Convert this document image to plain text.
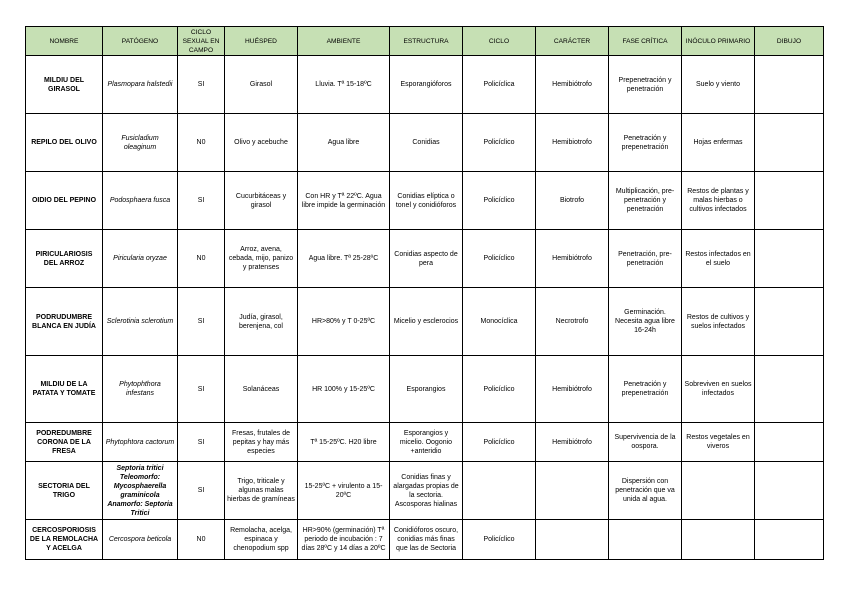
NOMBRE	PATÓGENO	CICLO SEXUAL EN CAMPO	HUÉSPED	AMBIENTE	ESTRUCTURA	CICLO	CARÁCTER	FASE CRÍTICA	INÓCULO PRIMARIO	DIBUJO
MILDIU DEL GIRASOL	Plasmopara halstedii	SI	Girasol	Lluvia. Tª 15-18ºC	Esporangióforos	Policíclica	Hemibiótrofo	Prepenetración y penetración	Suelo y viento	
REPILO DEL OLIVO	Fusicladium oleaginum	N0	Olivo y acebuche	Agua libre	Conidias	Policíclico	Hemibiotrofo	Penetración y prepenetración	Hojas enfermas	
OIDIO DEL PEPINO	Podosphaera fusca	SI	Cucurbitáceas y girasol	Con HR y Tª 22ºC. Agua libre impide la germinación	Conidias elíptica o tonel y conidióforos	Policíclico	Biotrofo	Multiplicación, pre-penetración y penetración	Restos de plantas y malas hierbas o cultivos infectados	
PIRICULARIOSIS DEL ARROZ	Piricularia oryzae	N0	Arroz, avena, cebada, mijo, panizo y pratenses	Agua libre. Tª 25-28ºC	Conidias aspecto de pera	Policíclico	Hemibiótrofo	Penetración, pre-penetración	Restos infectados en el suelo	
PODRUDUMBRE BLANCA EN JUDÍA	Sclerotinia sclerotium	SI	Judía, girasol, berenjena, col	HR>80% y T 0-25ºC	Micelio y esclerocios	Monocíclica	Necrotrofo	Germinación. Necesita agua libre 16-24h	Restos de cultivos y suelos infectados	
MILDIU DE LA PATATA Y TOMATE	Phytophthora infestans	SI	Solanáceas	HR 100% y 15-25ºC	Esporangios	Policíclico	Hemibiótrofo	Penetración y prepenetración	Sobreviven en suelos infectados	
PODREDUMBRE CORONA DE LA FRESA	Phytophtora cactorum	SI	Fresas, frutales de pepitas y hay más especies	Tª 15-25ºC. H20 libre	Esporangios y micelio. Oogonio +anteridio	Policíclico	Hemibiótrofo	Supervivencia de la oospora.	Restos vegetales en viveros	
SECTORIA DEL TRIGO	Septoria tritici Teleomorfo: Mycosphaerella graminicola Anamorfo: Septoria Tritici	SI	Trigo, triticale y algunas malas hierbas de gramíneas	15-25ºC + virulento a 15-20ºC	Conidias finas y alargadas propias de la sectoria. Ascosporas hialinas			Dispersión con penetración que va unida al agua.		
CERCOSPORIOSIS DE LA REMOLACHA Y ACELGA	Cercospora beticola	N0	Remolacha, acelga, espinaca y chenopodium spp	HR>90% (germinación) Tª periodo de incubación : 7 días 28ºC y 14 días a 20ºC	Conidióforos oscuro, conidias más finas que las de Sectoria	Policíclico				
